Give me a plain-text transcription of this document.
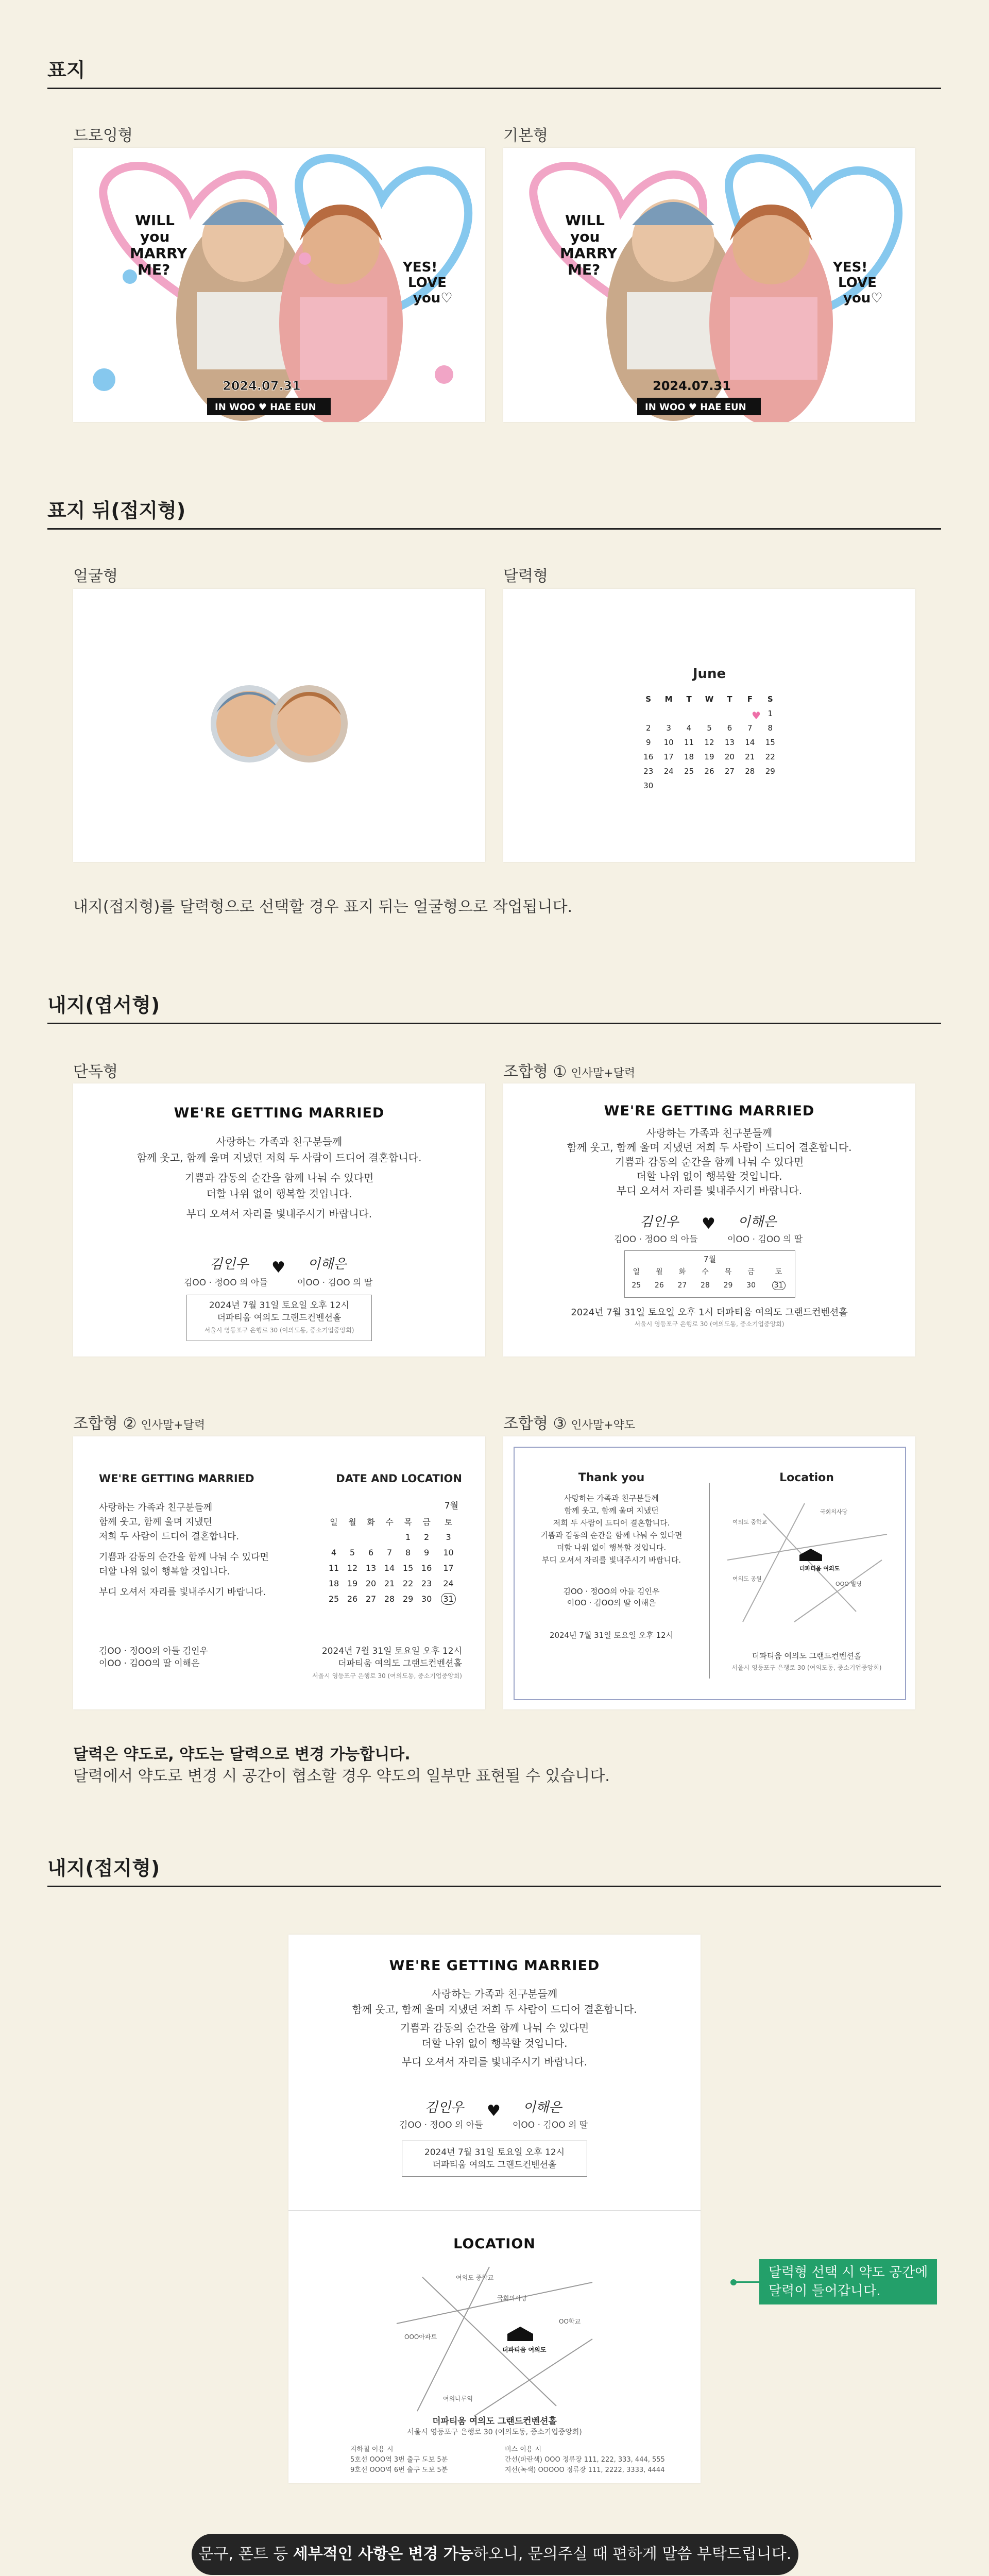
표지
드로잉형	기본형
WILL
you
MARRY
ME?	YES!
LOVE
you♡
2024.07.31
IN WOO ♥ HAE EUN
WILL
you
MARRY
ME?	YES!
LOVE
you♡
2024.07.31
IN WOO ♥ HAE EUN
표지 뒤(접지형)
얼굴형	달력형
June
S	M	T	W	T	F	S
						1
2	3	4	5	6	7	8
9	10	11	12	13	14	15
16	17	18	19	20	21	22
23	24	25	26	27	28	29
30						
♥
내지(접지형)를 달력형으로 선택할 경우 표지 뒤는 얼굴형으로 작업됩니다.
내지(엽서형)
단독형	조합형 ① 인사말+달력
WE'RE GETTING MARRIED
사랑하는 가족과 친구분들께
함께 웃고, 함께 울며 지냈던 저희 두 사람이 드디어 결혼합니다.
기쁨과 감동의 순간을 함께 나눠 수 있다면
더할 나위 없이 행복할 것입니다.
부디 오셔서 자리를 빛내주시기 바랍니다.
김인우 ♥ 이해은
김OO · 정OO 의 아들	이OO · 김OO 의 딸
2024년 7월 31일 토요일 오후 12시
더파티움 여의도 그랜드컨벤션홀
서울시 영등포구 은행로 30 (여의도동, 중소기업중앙회)
WE'RE GETTING MARRIED
사랑하는 가족과 친구분들께
함께 웃고, 함께 울며 지냈던 저희 두 사람이 드디어 결혼합니다.
기쁨과 감동의 순간을 함께 나눠 수 있다면
더할 나위 없이 행복할 것입니다.
부디 오셔서 자리를 빛내주시기 바랍니다.
김인우 ♥ 이해은
김OO · 정OO 의 아들	이OO · 김OO 의 딸
7월
일	월	화	수	목	금	토
25	26	27	28	29	30	31
2024년 7월 31일 토요일 오후 1시 더파티움 여의도 그랜드컨벤션홀
서울시 영등포구 은행로 30 (여의도동, 중소기업중앙회)
조합형 ② 인사말+달력	조합형 ③ 인사말+약도
WE'RE GETTING MARRIED	DATE AND LOCATION
사랑하는 가족과 친구분들께
함께 웃고, 함께 울며 지냈던
저희 두 사람이 드디어 결혼합니다.
기쁨과 감동의 순간을 함께 나눠 수 있다면
더할 나위 없이 행복할 것입니다.
부디 오셔서 자리를 빛내주시기 바랍니다.
김OO · 정OO의 아들 김인우
이OO · 김OO의 딸 이해은
7월
일	월	화	수	목	금	토
				1	2	3
4	5	6	7	8	9	10
11	12	13	14	15	16	17
18	19	20	21	22	23	24
25	26	27	28	29	30	31
2024년 7월 31일 토요일 오후 12시
더파티움 여의도 그랜드컨벤션홀
서울시 영등포구 은행로 30 (여의도동, 중소기업중앙회)
Thank you
사랑하는 가족과 친구분들께
함께 웃고, 함께 울며 지냈던
저희 두 사람이 드디어 결혼합니다.
기쁨과 감동의 순간을 함께 나눠 수 있다면
더할 나위 없이 행복할 것입니다.
부디 오셔서 자리를 빛내주시기 바랍니다.
김OO · 정OO의 아들 김인우
이OO · 김OO의 딸 이해은
2024년 7월 31일 토요일 오후 12시
Location
여의도 중학교
국회의사당
여의도 공원
OOO 빌딩
더파티움 여의도
더파티움 여의도 그랜드컨벤션홀
서울시 영등포구 은행로 30 (여의도동, 중소기업중앙회)
달력은 약도로, 약도는 달력으로 변경 가능합니다.
달력에서 약도로 변경 시 공간이 협소할 경우 약도의 일부만 표현될 수 있습니다.
내지(접지형)
WE'RE GETTING MARRIED
사랑하는 가족과 친구분들께
함께 웃고, 함께 울며 지냈던 저희 두 사람이 드디어 결혼합니다.
기쁨과 감동의 순간을 함께 나눠 수 있다면
더할 나위 없이 행복할 것입니다.
부디 오셔서 자리를 빛내주시기 바랍니다.
김인우 ♥ 이해은
김OO · 정OO 의 아들	이OO · 김OO 의 딸
2024년 7월 31일 토요일 오후 12시
더파티움 여의도 그랜드컨벤션홀
LOCATION
여의도 중학교
국회의사당
OOO아파트
OO학교
여의나루역
더파티움 여의도
더파티움 여의도 그랜드컨벤션홀
서울시 영등포구 은행로 30 (여의도동, 중소기업중앙회)
지하철 이용 시
5호선 OOO역 3번 출구 도보 5분
9호선 OOO역 6번 출구 도보 5분
버스 이용 시
간선(파란색) OOO 정류장 111, 222, 333, 444, 555
지선(녹색) OOOOO 정류장 111, 2222, 3333, 4444
달력형 선택 시 약도 공간에
달력이 들어갑니다.
문구, 폰트 등 세부적인 사항은 변경 가능하오니, 문의주실 때 편하게 말씀 부탁드립니다.
